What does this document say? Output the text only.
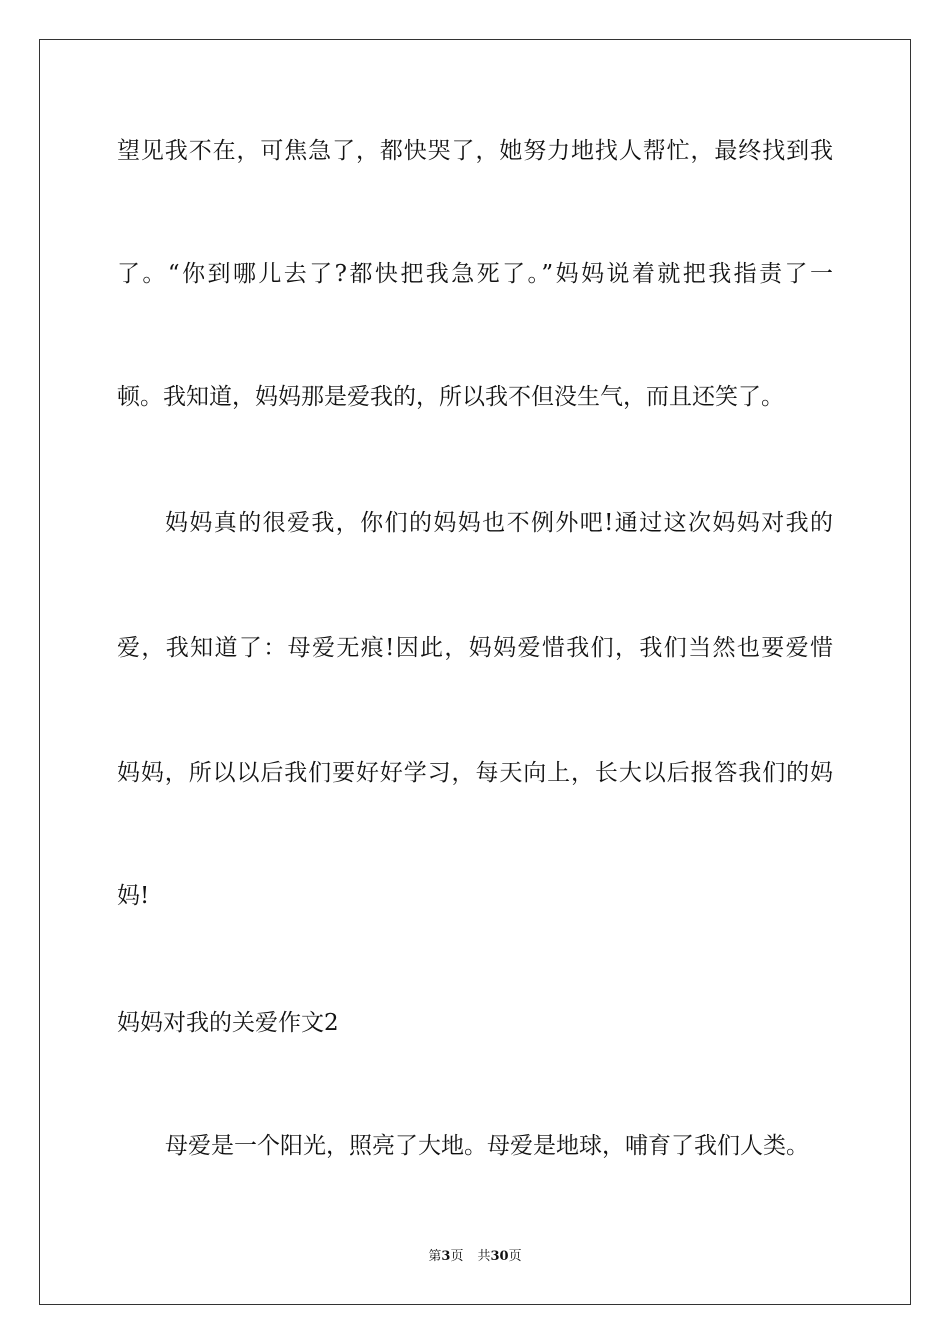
望见我不在，可焦急了，都快哭了，她努力地找人帮忙，最终找到我
了。“你到哪儿去了?都快把我急死了。”妈妈说着就把我指责了一
顿。我知道，妈妈那是爱我的，所以我不但没生气，而且还笑了。
妈妈真的很爱我，你们的妈妈也不例外吧!通过这次妈妈对我的
爱，我知道了：母爱无痕!因此，妈妈爱惜我们，我们当然也要爱惜
妈妈，所以以后我们要好好学习，每天向上，长大以后报答我们的妈
妈!
妈妈对我的关爱作文2
母爱是一个阳光，照亮了大地。母爱是地球，哺育了我们人类。
第3页 共30页
